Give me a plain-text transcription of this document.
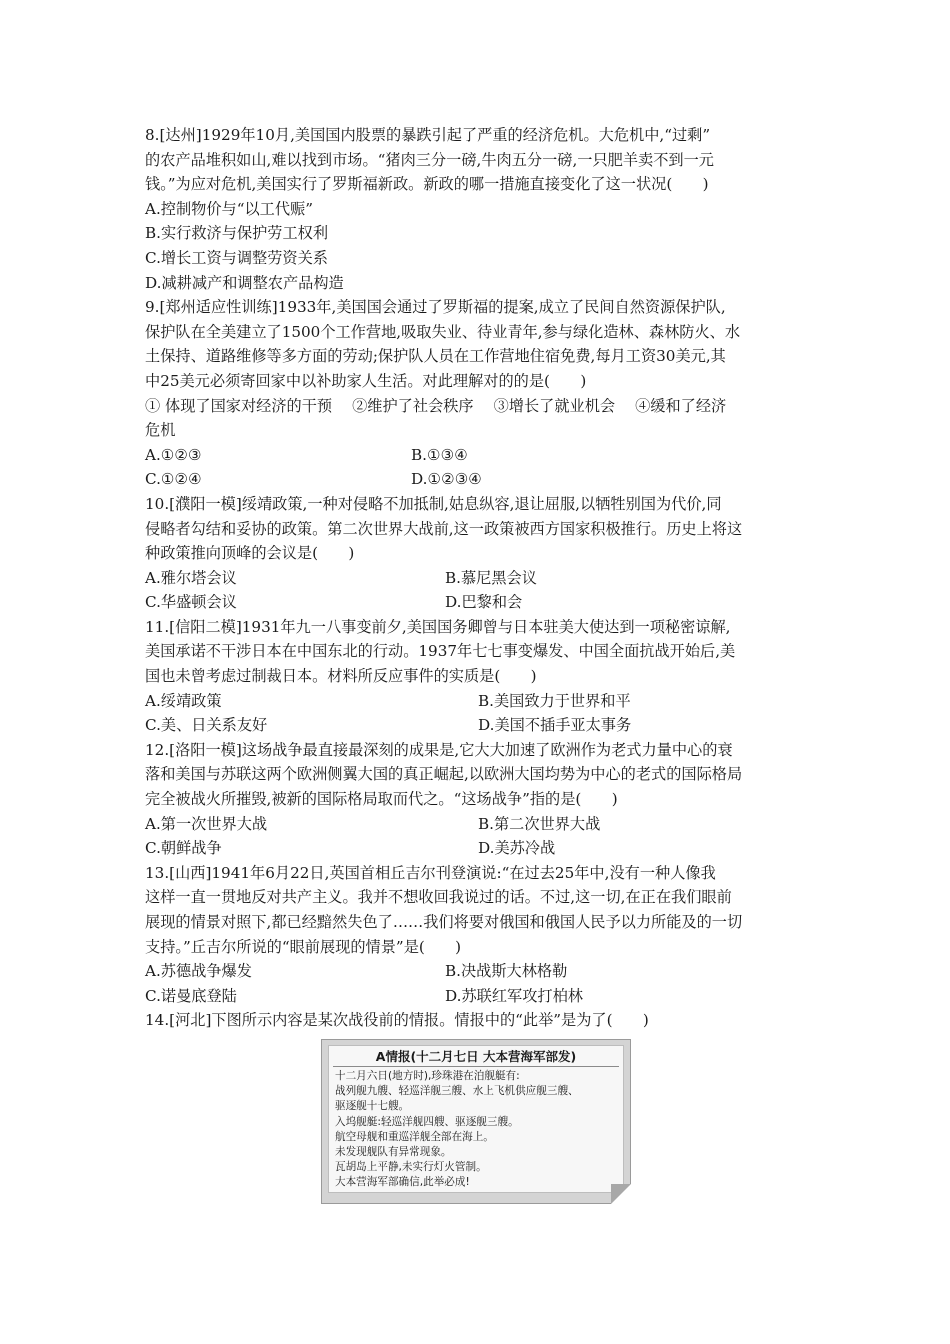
8.[达州]1929年10月,美国国内股票的暴跌引起了严重的经济危机。大危机中,“过剩”
的农产品堆积如山,难以找到市场。“猪肉三分一磅,牛肉五分一磅,一只肥羊卖不到一元
钱。”为应对危机,美国实行了罗斯福新政。新政的哪一措施直接变化了这一状况(　　)
A.控制物价与“以工代赈”
B.实行救济与保护劳工权利
C.增长工资与调整劳资关系
D.减耕减产和调整农产品构造
9.[郑州适应性训练]1933年,美国国会通过了罗斯福的提案,成立了民间自然资源保护队,
保护队在全美建立了1500个工作营地,吸取失业、待业青年,参与绿化造林、森林防火、水
土保持、道路维修等多方面的劳动;保护队人员在工作营地住宿免费,每月工资30美元,其
中25美元必须寄回家中以补助家人生活。对此理解对的的是(　　)
① 体现了国家对经济的干预　 ②维护了社会秩序　 ③增长了就业机会　 ④缓和了经济
危机
A.①②③	B.①③④
C.①②④	D.①②③④
10.[濮阳一模]绥靖政策,一种对侵略不加抵制,姑息纵容,退让屈服,以牺牲别国为代价,同
侵略者勾结和妥协的政策。第二次世界大战前,这一政策被西方国家积极推行。历史上将这
种政策推向顶峰的会议是(　　)
A.雅尔塔会议	B.慕尼黑会议
C.华盛顿会议	D.巴黎和会
11.[信阳二模]1931年九一八事变前夕,美国国务卿曾与日本驻美大使达到一项秘密谅解,
美国承诺不干涉日本在中国东北的行动。1937年七七事变爆发、中国全面抗战开始后,美
国也未曾考虑过制裁日本。材料所反应事件的实质是(　　)
A.绥靖政策	B.美国致力于世界和平
C.美、日关系友好	D.美国不插手亚太事务
12.[洛阳一模]这场战争最直接最深刻的成果是,它大大加速了欧洲作为老式力量中心的衰
落和美国与苏联这两个欧洲侧翼大国的真正崛起,以欧洲大国均势为中心的老式的国际格局
完全被战火所摧毁,被新的国际格局取而代之。“这场战争”指的是(　　)
A.第一次世界大战	B.第二次世界大战
C.朝鲜战争	D.美苏冷战
13.[山西]1941年6月22日,英国首相丘吉尔刊登演说:“在过去25年中,没有一种人像我
这样一直一贯地反对共产主义。我并不想收回我说过的话。不过,这一切,在正在我们眼前
展现的情景对照下,都已经黯然失色了……我们将要对俄国和俄国人民予以力所能及的一切
支持。”丘吉尔所说的“眼前展现的情景”是(　　)
A.苏德战争爆发	B.决战斯大林格勒
C.诺曼底登陆	D.苏联红军攻打柏林
14.[河北]下图所示内容是某次战役前的情报。情报中的“此举”是为了(　　)
A情报(十二月七日 大本营海军部发)
十二月六日(地方时),珍珠港在泊舰艇有:
战列舰九艘、轻巡洋舰三艘、水上飞机供应舰三艘、
驱逐舰十七艘。
入坞舰艇:轻巡洋舰四艘、驱逐舰三艘。
航空母舰和重巡洋舰全部在海上。
未发现舰队有异常现象。
瓦胡岛上平静,未实行灯火管制。
大本营海军部确信,此举必成!
